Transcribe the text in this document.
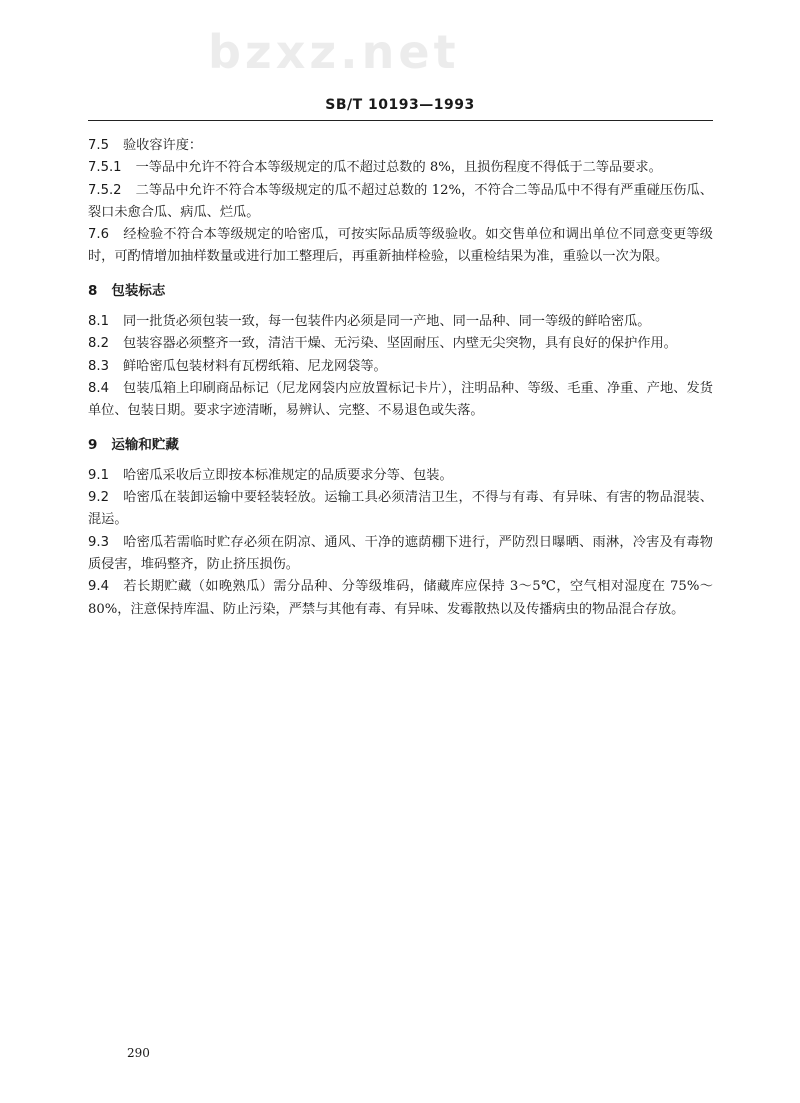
bzxz.net
SB/T 10193—1993

7.5 验收容许度：

7.5.1 一等品中允许不符合本等级规定的瓜不超过总数的 8%，且损伤程度不得低于二等品要求。

7.5.2 二等品中允许不符合本等级规定的瓜不超过总数的 12%，不符合二等品瓜中不得有严重碰压伤瓜、裂口未愈合瓜、病瓜、烂瓜。

7.6 经检验不符合本等级规定的哈密瓜，可按实际品质等级验收。如交售单位和调出单位不同意变更等级时，可酌情增加抽样数量或进行加工整理后，再重新抽样检验，以重检结果为准，重验以一次为限。

8 包装标志

8.1 同一批货必须包装一致，每一包装件内必须是同一产地、同一品种、同一等级的鲜哈密瓜。

8.2 包装容器必须整齐一致，清洁干燥、无污染、坚固耐压、内壁无尖突物，具有良好的保护作用。

8.3 鲜哈密瓜包装材料有瓦楞纸箱、尼龙网袋等。

8.4 包装瓜箱上印刷商品标记（尼龙网袋内应放置标记卡片），注明品种、等级、毛重、净重、产地、发货单位、包装日期。要求字迹清晰，易辨认、完整、不易退色或失落。

9 运输和贮藏

9.1 哈密瓜采收后立即按本标准规定的品质要求分等、包装。

9.2 哈密瓜在装卸运输中要轻装轻放。运输工具必须清洁卫生，不得与有毒、有异味、有害的物品混装、混运。

9.3 哈密瓜若需临时贮存必须在阴凉、通风、干净的遮荫棚下进行，严防烈日曝晒、雨淋，冷害及有毒物质侵害，堆码整齐，防止挤压损伤。

9.4 若长期贮藏（如晚熟瓜）需分品种、分等级堆码，储藏库应保持 3～5℃，空气相对湿度在 75%～80%，注意保持库温、防止污染，严禁与其他有毒、有异味、发霉散热以及传播病虫的物品混合存放。

290
